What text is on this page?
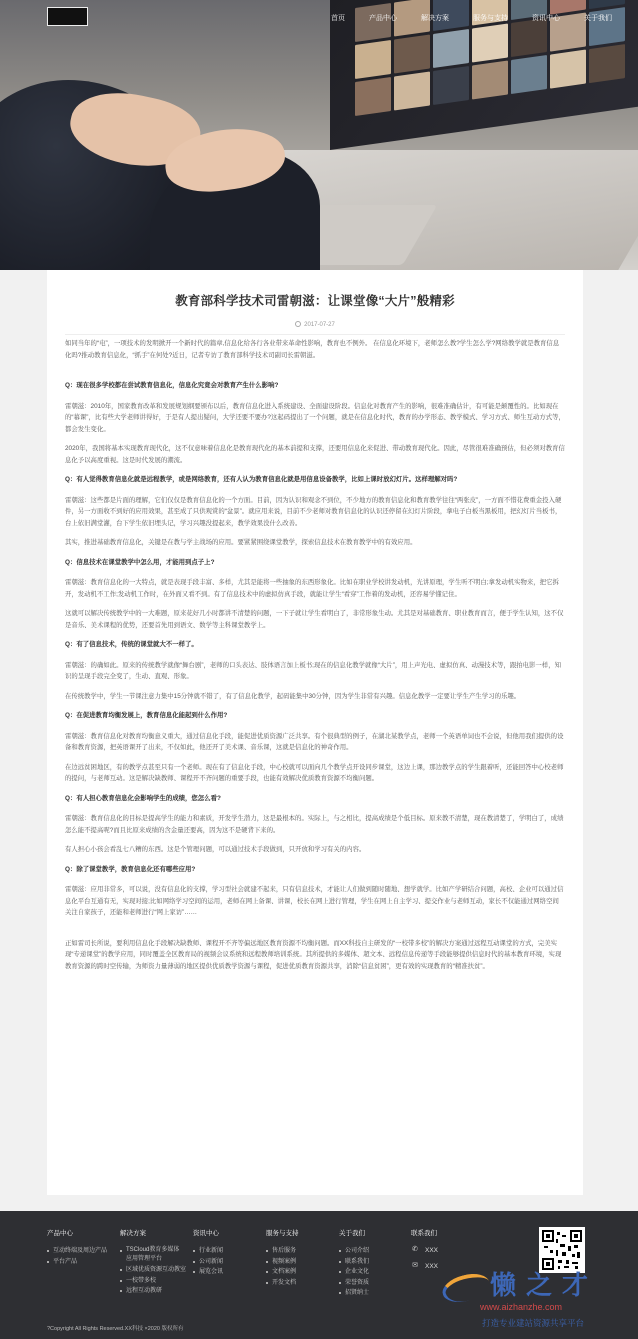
首页	产品中心	解决方案	服务与支持	资讯中心	关于我们
教育部科学技术司雷朝滋：让课堂像“大片”般精彩
2017-07-27

如同当年的“电”，一项技术的发明掀开一个新时代的篇章,信息化给各行各业带来革命性影响，教育也不例外。 在信息化环境下，老师怎么教?学生怎么学?网络教学就是教育信息化吗?推动教育信息化，“抓手”在何处?近日，记者专访了教育部科学技术司副司长雷朝滋。

Q：现在很多学校都在尝试教育信息化，信息化究竟会对教育产生什么影响?

雷朝滋：2010年，国家教育改革和发展规划纲要颁布以后，教育信息化进入系统建设、全面建设阶段。信息化对教育产生的影响，很难准确估计，有可能是颠覆性的。比如现在的“幕课”，比有些大学老师讲得好，于是有人提出疑问，大学还要不要办?这起码提出了一个问题，就是在信息化时代，教育的办学形态、教学模式、学习方式、师生互动方式等，都会发生变化。

2020年，我国将基本实现教育现代化，这不仅意味着信息化是教育现代化的基本前提和支撑，还要用信息化来促进、带动教育现代化。因此，尽管很难准确预估，但必须对教育信息化予以高度重视。这是时代发展的潮流。

Q：有人觉得教育信息化就是远程教学，或是网络教育，还有人认为教育信息化就是用信息设备教学，比如上课时放幻灯片。这样理解对吗?

雷朝滋：这些都是片面的理解，它们仅仅是教育信息化的一个方面。目前，因为认识和观念不到位，不少地方的教育信息化和教育教学往往“两张皮”，一方面不惜花费重金投入硬件，另一方面收不到好的应用效果，甚至成了只供观赏的“盆景”。就应用来说，目前不少老师对教育信息化的认识还停留在幻灯片阶段，拿电子白板当黑板用，把幻灯片当板书，台上依旧满堂灌，台下学生依旧埋头记，学习兴趣没提起来，教学效果没什么改善。

其实，推进基础教育信息化，关键是在教与学主战场的应用。要紧紧围绕课堂教学，探索信息技术在教育教学中的有效应用。

Q：信息技术在课堂教学中怎么用，才能用到点子上?

雷朝滋：教育信息化的一大特点，就是表现手段丰富、多样，尤其是能将一些抽象的东西形象化。比如在职业学校讲发动机，光讲原理，学生听不明白;拿发动机实物来，把它拆开，发动机不工作;发动机工作时，在外面又看不到。有了信息技术中的虚拟仿真手段，就能让学生“看穿”工作着的发动机，还容易学懂记住。

这就可以解决传统教学中的一大难题，原来花好几小时都讲不清楚的问题，一下子就让学生看明白了，非常形象生动。尤其是对基础教育、职业教育而言，便于学生认知，这不仅是音乐、美术课程的优势，还要首先用到语文、数学等主科课堂教学上。

Q：有了信息技术，传统的课堂就大不一样了。

雷朝滋：的确如此。原来的传统教学就像“舞台剧”，老师的口头表达、肢体语言加上板书;现在的信息化教学就像“大片”，用上声光电、虚拟仿真、动漫技术等，跟拍电影一样，知识的呈现手段完全变了，生动、直观、形象。

在传统教学中，学生一节课注意力集中15分钟就不错了，有了信息化教学，起码能集中30分钟，因为学生非常有兴趣。信息化教学一定要让学生产生学习的乐趣。

Q：在促进教育均衡发展上，教育信息化能起到什么作用?

雷朝滋：教育信息化对教育均衡意义重大，通过信息化手段，能促进优质资源广泛共享。有个很典型的例子，在湖北某教学点，老师一个英语单词也不会说，但他用我们提供的设备和教育资源，把英语课开了出来，不仅如此，他还开了美术课、音乐课，这就是信息化的神奇作用。

在边远贫困地区，有的教学点甚至只有一个老师。现在有了信息化手段，中心校就可以面向几个教学点开设同步课堂，这边上课，那边教学点的学生跟着听，还能回答中心校老师的提问，与老师互动。这是解决缺教师、课程开不齐问题的重要手段，也能有效解决优质教育资源不均衡问题。

Q：有人担心教育信息化会影响学生的成绩，您怎么看?

雷朝滋：教育信息化的目标是提高学生的能力和素质，开发学生潜力，这是最根本的。实际上，与之相比，提高成绩是个低目标。原来教不清楚，现在教清楚了，学明白了，成绩怎么能不提高呢?而且比原来成绩的含金量还要高，因为这不是硬背下来的。

有人担心小孩会看乱七八糟的东西。这是个管理问题，可以通过技术手段做到，只开放和学习有关的内容。

Q：除了课堂教学，教育信息化还有哪些应用?

雷朝滋：应用非常多，可以说，没有信息化的支撑，学习型社会就建不起来，只有信息技术，才能让人们做到随时随地、想学就学。比如产学研结合问题，高校、企业可以通过信息化平台互通有无，实现对接;比如网络学习空间的运用，老师在网上备课、讲课，校长在网上进行管理，学生在网上自主学习、提交作业与老师互动，家长不仅能通过网络空间关注自家孩子，还能和老师进行“网上家访”……

正如雷司长所说，要利用信息化手段解决缺教师、课程开不齐等偏远地区教育资源不均衡问题。而XX科技自主研发的“一校带多校”的解决方案通过远程互动课堂的方式，完美实现“专递课堂”的教学应用，同时覆盖全区教育局的视频会议系统和远程教师培训系统。其所提供的多媒体、超文本、远程信息传递等手段能够提供信息时代的基本教育环境，实现教育资源的跨时空传输，为师资力量薄弱的地区提供优质教学资源与课程，促进优质教育资源共享，消除“信息贫困”，更有效的实现教育的“精准扶贫”。

产品中心
互动终端及周边产品
平台产品
解决方案
TSCloud教育多媒体应用管理平台
区域优质资源互动教室
一校带多校
远程互动教研
资讯中心
行业新闻
公司新闻
展览会讯
服务与支持
售后服务
视频案例
文档案例
开发文档
关于我们
公司介绍
联系我们
企业文化
荣誉资质
招贤纳士
联系我们
✆ XXX
✉ XXX
?Copyright All Rights Reserved.XX科技 ×2020 版权所有
懒之才
www.aizhanzhe.com
打造专业建站资源共享平台
